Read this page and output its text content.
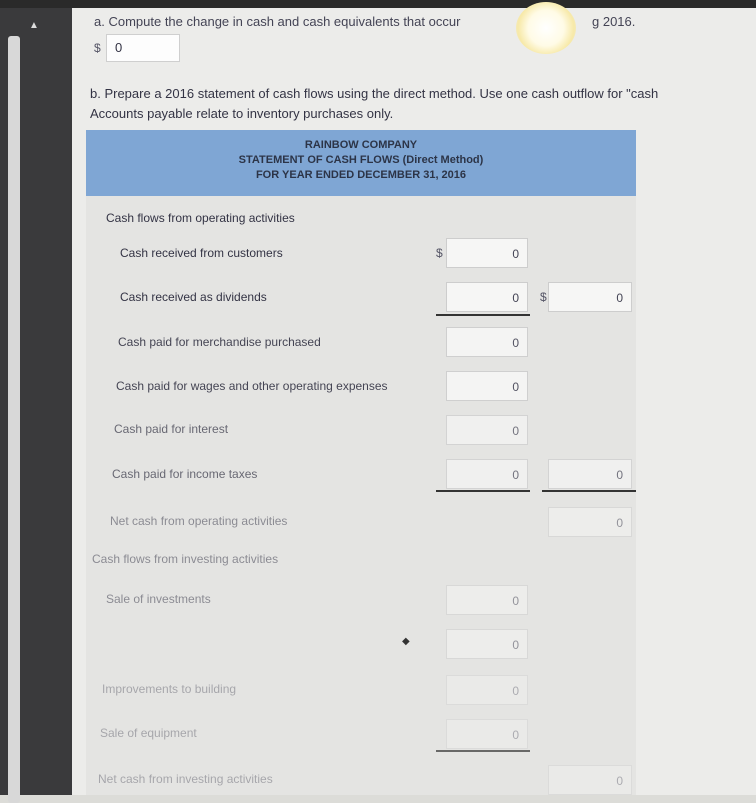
▲	a. Compute the change in cash and cash equivalents that occur	g 2016.
$	0
b. Prepare a 2016 statement of cash flows using the direct method. Use one cash outflow for "cash
Accounts payable relate to inventory purchases only.
RAINBOW COMPANY
STATEMENT OF CASH FLOWS (Direct Method)
FOR YEAR ENDED DECEMBER 31, 2016
Cash flows from operating activities
Cash received from customers	$	0
Cash received as dividends	0	$	0
Cash paid for merchandise purchased	0
Cash paid for wages and other operating expenses	0
Cash paid for interest	0
Cash paid for income taxes	0	0
Net cash from operating activities	0
Cash flows from investing activities
Sale of investments	0
◆	0
Improvements to building	0
Sale of equipment	0
Net cash from investing activities	0
